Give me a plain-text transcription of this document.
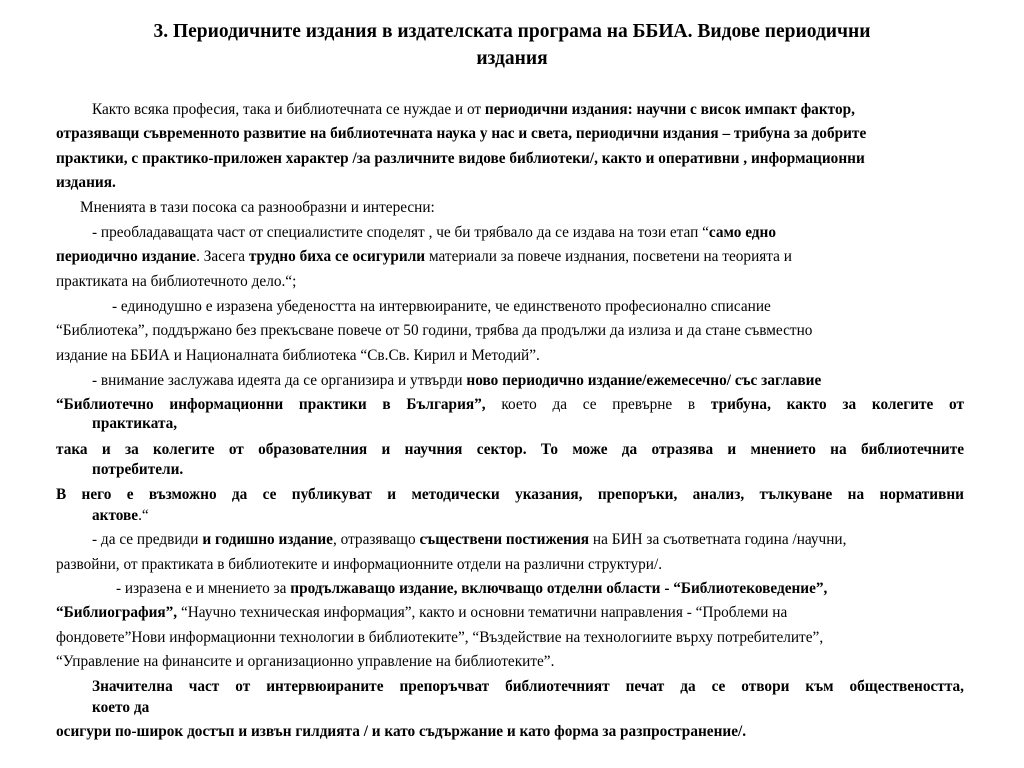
3. Периодичните издания в издателската програма на ББИА. Видове периодични
издания
Както всяка професия, така и библиотечната се нуждае и от периодични издания: научни с висок импакт фактор,
отразяващи съвременното развитие на библиотечната наука у нас и света, периодични издания – трибуна за добрите
практики, с практико-приложен характер /за различните видове библиотеки/, както и оперативни , информационни
издания.
Мненията в тази посока са разнообразни и интересни:
- преобладаващата част от специалистите споделят , че би трябвало да се издава на този етап “само едно
периодично издание. Засега трудно биха се осигурили материали за повече изднания, посветени на теорията и
практиката на библиотечното дело.“;
- единодушно е изразена убедеността на интервюираните, че единственото професионално списание
“Библиотека”, поддържано без прекъсване повече от 50 години, трябва да продължи да излиза и да стане съвместно
издание на ББИА и Националната библиотека “Св.Св. Кирил и Методий”.
- внимание заслужава идеята да се организира и утвърди ново периодично издание/ежемесечно/ със заглавие
“Библиотечно информационни практики в България”, което да се превърне в трибуна, както за колегите от
практиката,
така и за колегите от образователния и научния сектор. То може да отразява и мнението на библиотечните
потребители.
В него е възможно да се публикуват и методически указания, препоръки, анализ, тълкуване на нормативни
актове.“
- да се предвиди и годишно издание, отразяващо съществени постижения на БИН за съответната година /научни,
развойни, от практиката в библиотеките и информационните отдели на различни структури/.
- изразена е и мнението за продължаващо издание, включващо отделни области - “Библиотековедение”,
“Библиография”, “Научно техническая информация”, както и основни тематични направления - “Проблеми на
фондовете”Нови информационни технологии в библиотеките”, “Въздействие на технологиите върху потребителите”,
“Управление на финансите и организационно управление на библиотеките”.
Значителна част от интервюираните препоръчват библиотечният печат да се отвори към обществеността,
което да
осигури по-широк достъп и извън гилдията / и като съдържание и като форма за разпространение/.
